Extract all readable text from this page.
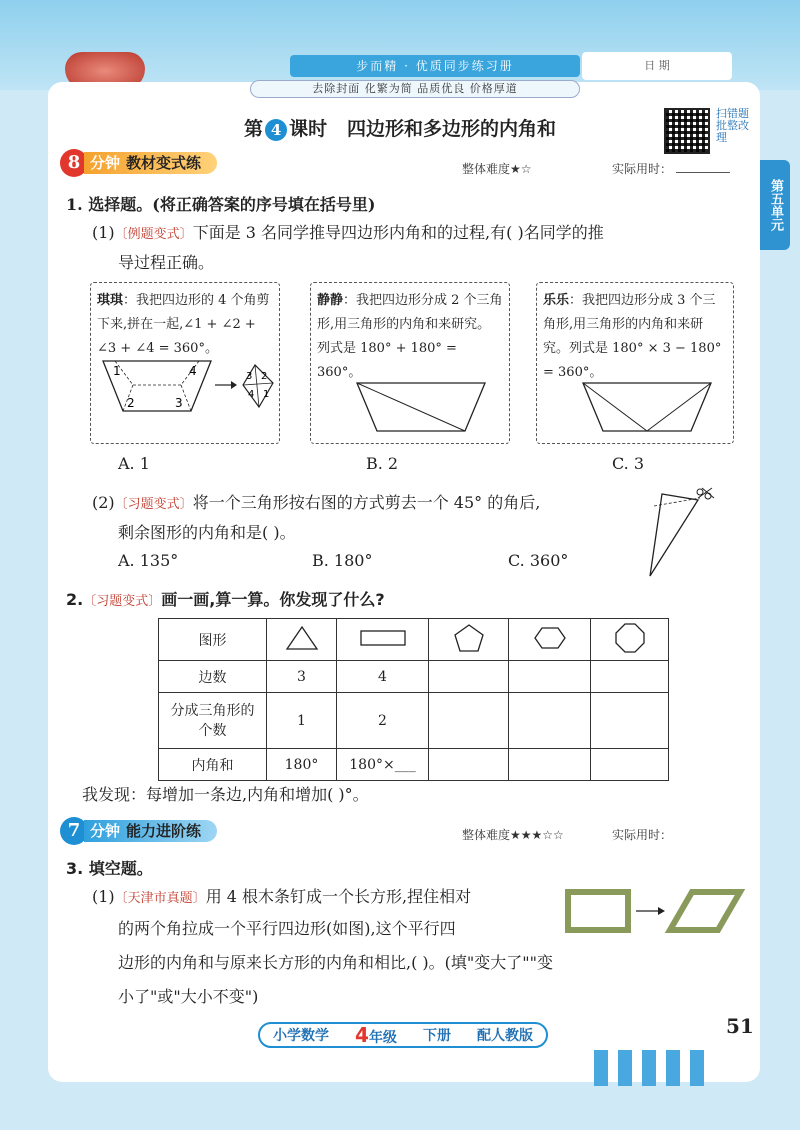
步而精 · 优质同步练习册	日 期
去除封面 化繁为简 品质优良 价格厚道
第五单元
第 4 课时 四边形和多边形的内角和
扫错题批整改理
8 分钟 教材变式练	整体难度★☆	实际用时：
1. 选择题。(将正确答案的序号填在括号里)
(1)〔例题变式〕下面是 3 名同学推导四边形内角和的过程,有( )名同学的推
导过程正确。
琪琪：我把四边形的 4 个角剪下来,拼在一起,∠1 + ∠2 + ∠3 + ∠4 = 360°。
1	4
2	3
3 2
4 1
静静：我把四边形分成 2 个三角形,用三角形的内角和来研究。列式是 180° + 180° = 360°。
乐乐：我把四边形分成 3 个三角形,用三角形的内角和来研究。列式是 180° × 3 − 180° = 360°。
A. 1	B. 2	C. 3
(2)〔习题变式〕将一个三角形按右图的方式剪去一个 45° 的角后,
剩余图形的内角和是( )。
A. 135°	B. 180°	C. 360°
2.〔习题变式〕画一画,算一算。你发现了什么?
图形					
边数	3	4			
分成三角形的个数	1	2			
内角和	180°	180°×___			
我发现：每增加一条边,内角和增加( )°。
7 分钟 能力进阶练	整体难度★★★☆☆	实际用时：
3. 填空题。
(1)〔天津市真题〕用 4 根木条钉成一个长方形,捏住相对
的两个角拉成一个平行四边形(如图),这个平行四
边形的内角和与原来长方形的内角和相比,( )。(填"变大了""变
小了"或"大小不变")
小学数学 4年级 下册 配人教版	51
